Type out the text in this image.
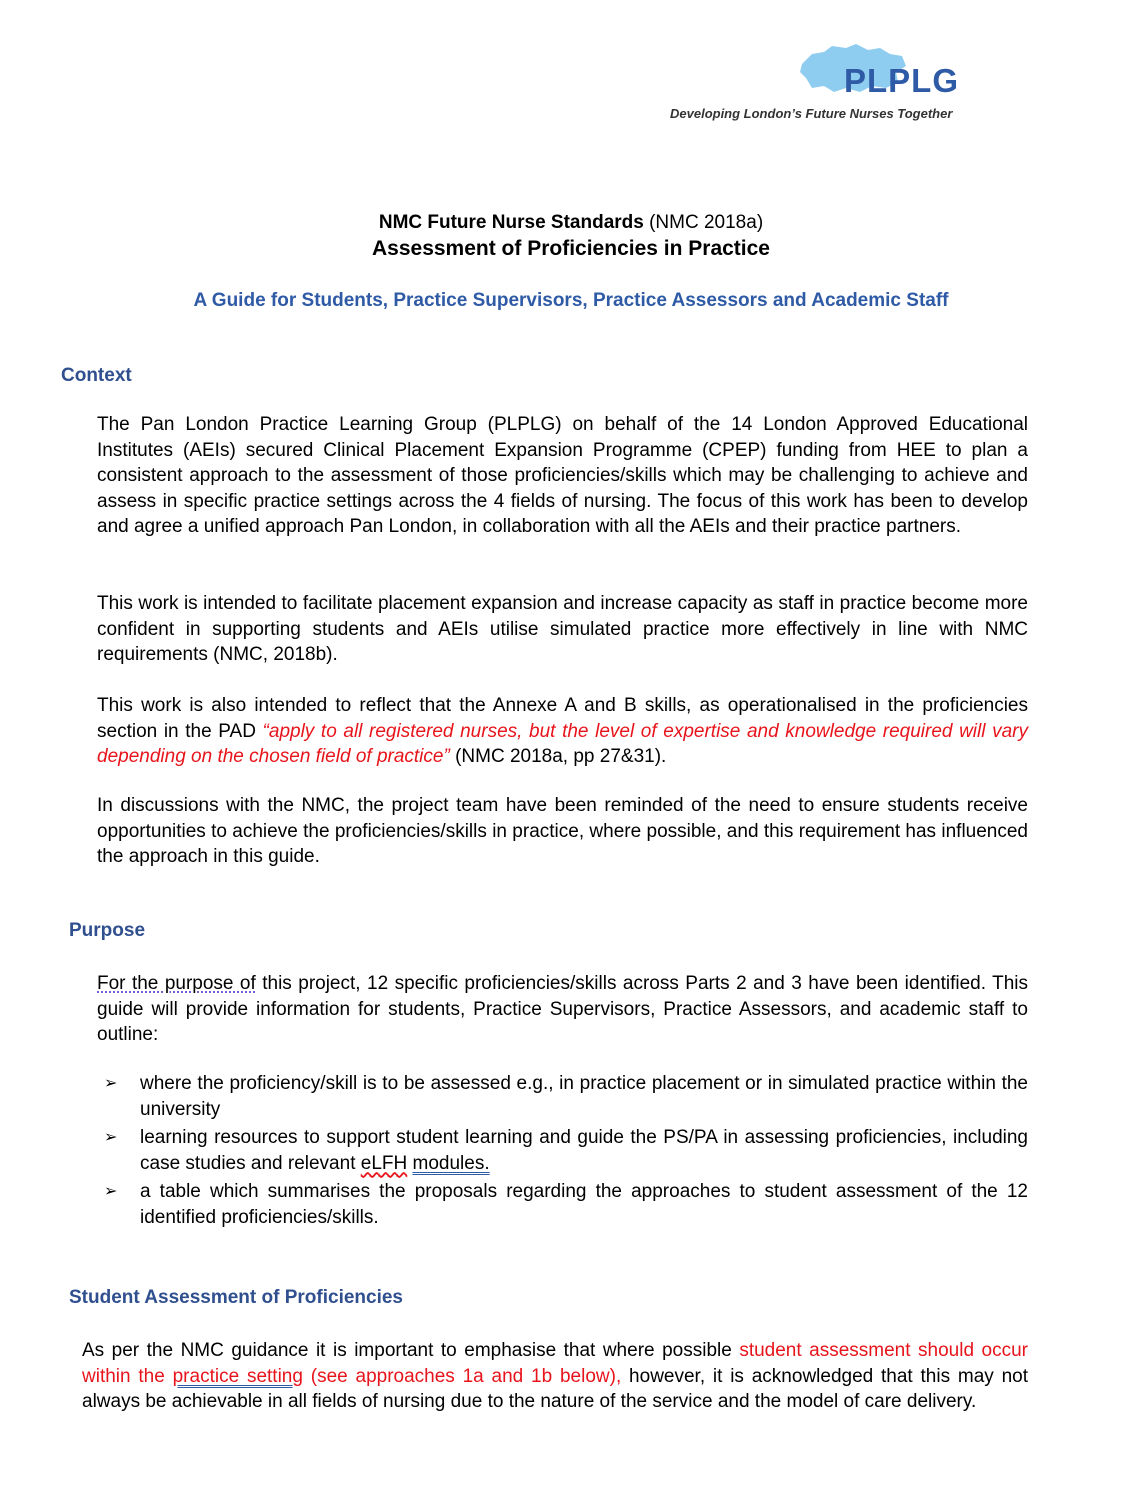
PLPLG
Developing London’s Future Nurses Together
NMC Future Nurse Standards (NMC 2018a)
Assessment of Proficiencies in Practice
A Guide for Students, Practice Supervisors, Practice Assessors and Academic Staff
Context
The Pan London Practice Learning Group (PLPLG) on behalf of the 14 London Approved Educational Institutes (AEIs) secured Clinical Placement Expansion Programme (CPEP) funding from HEE to plan a consistent approach to the assessment of those proficiencies/skills which may be challenging to achieve and assess in specific practice settings across the 4 fields of nursing. The focus of this work has been to develop and agree a unified approach Pan London, in collaboration with all the AEIs and their practice partners.
This work is intended to facilitate placement expansion and increase capacity as staff in practice become more confident in supporting students and AEIs utilise simulated practice more effectively in line with NMC requirements (NMC, 2018b).
This work is also intended to reflect that the Annexe A and B skills, as operationalised in the proficiencies section in the PAD “apply to all registered nurses, but the level of expertise and knowledge required will vary depending on the chosen field of practice” (NMC 2018a, pp 27&31).
In discussions with the NMC, the project team have been reminded of the need to ensure students receive opportunities to achieve the proficiencies/skills in practice, where possible, and this requirement has influenced the approach in this guide.
Purpose
For the purpose of this project, 12 specific proficiencies/skills across Parts 2 and 3 have been identified. This guide will provide information for students, Practice Supervisors, Practice Assessors, and academic staff to outline:
➢ where the proficiency/skill is to be assessed e.g., in practice placement or in simulated practice within the university
➢ learning resources to support student learning and guide the PS/PA in assessing proficiencies, including case studies and relevant eLFH modules.
➢ a table which summarises the proposals regarding the approaches to student assessment of the 12 identified proficiencies/skills.
Student Assessment of Proficiencies
As per the NMC guidance it is important to emphasise that where possible student assessment should occur within the practice setting (see approaches 1a and 1b below), however, it is acknowledged that this may not always be achievable in all fields of nursing due to the nature of the service and the model of care delivery.
